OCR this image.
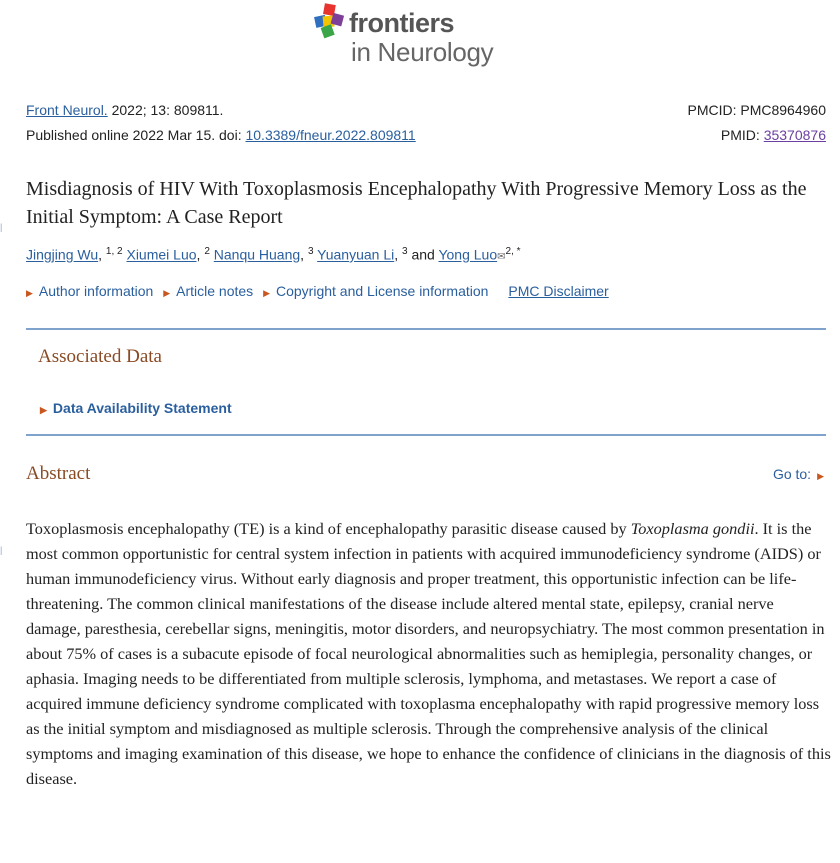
frontiers
in Neurology
|
|
Front Neurol. 2022; 13: 809811.
Published online 2022 Mar 15. doi: 10.3389/fneur.2022.809811
PMCID: PMC8964960
PMID: 35370876
Misdiagnosis of HIV With Toxoplasmosis Encephalopathy With Progressive Memory Loss as the Initial Symptom: A Case Report
Jingjing Wu, $^{1, 2}$ Xiumei Luo, $^2$ Nanqu Huang, $^3$ Yuanyuan Li, $^3$ and Yong Luo✉$^{2, *}$
▶ Author information ▶ Article notes ▶ Copyright and License information PMC Disclaimer
Associated Data
▶ Data Availability Statement
Abstract	Go to: ▶

Toxoplasmosis encephalopathy (TE) is a kind of encephalopathy parasitic disease caused by Toxoplasma gondii. It is the most common opportunistic for central system infection in patients with acquired immunodeficiency syndrome (AIDS) or human immunodeficiency virus. Without early diagnosis and proper treatment, this opportunistic infection can be life-threatening. The common clinical manifestations of the disease include altered mental state, epilepsy, cranial nerve damage, paresthesia, cerebellar signs, meningitis, motor disorders, and neuropsychiatry. The most common presentation in about 75% of cases is a subacute episode of focal neurological abnormalities such as hemiplegia, personality changes, or aphasia. Imaging needs to be differentiated from multiple sclerosis, lymphoma, and metastases. We report a case of acquired immune deficiency syndrome complicated with toxoplasma encephalopathy with rapid progressive memory loss as the initial symptom and misdiagnosed as multiple sclerosis. Through the comprehensive analysis of the clinical symptoms and imaging examination of this disease, we hope to enhance the confidence of clinicians in the diagnosis of this disease.
